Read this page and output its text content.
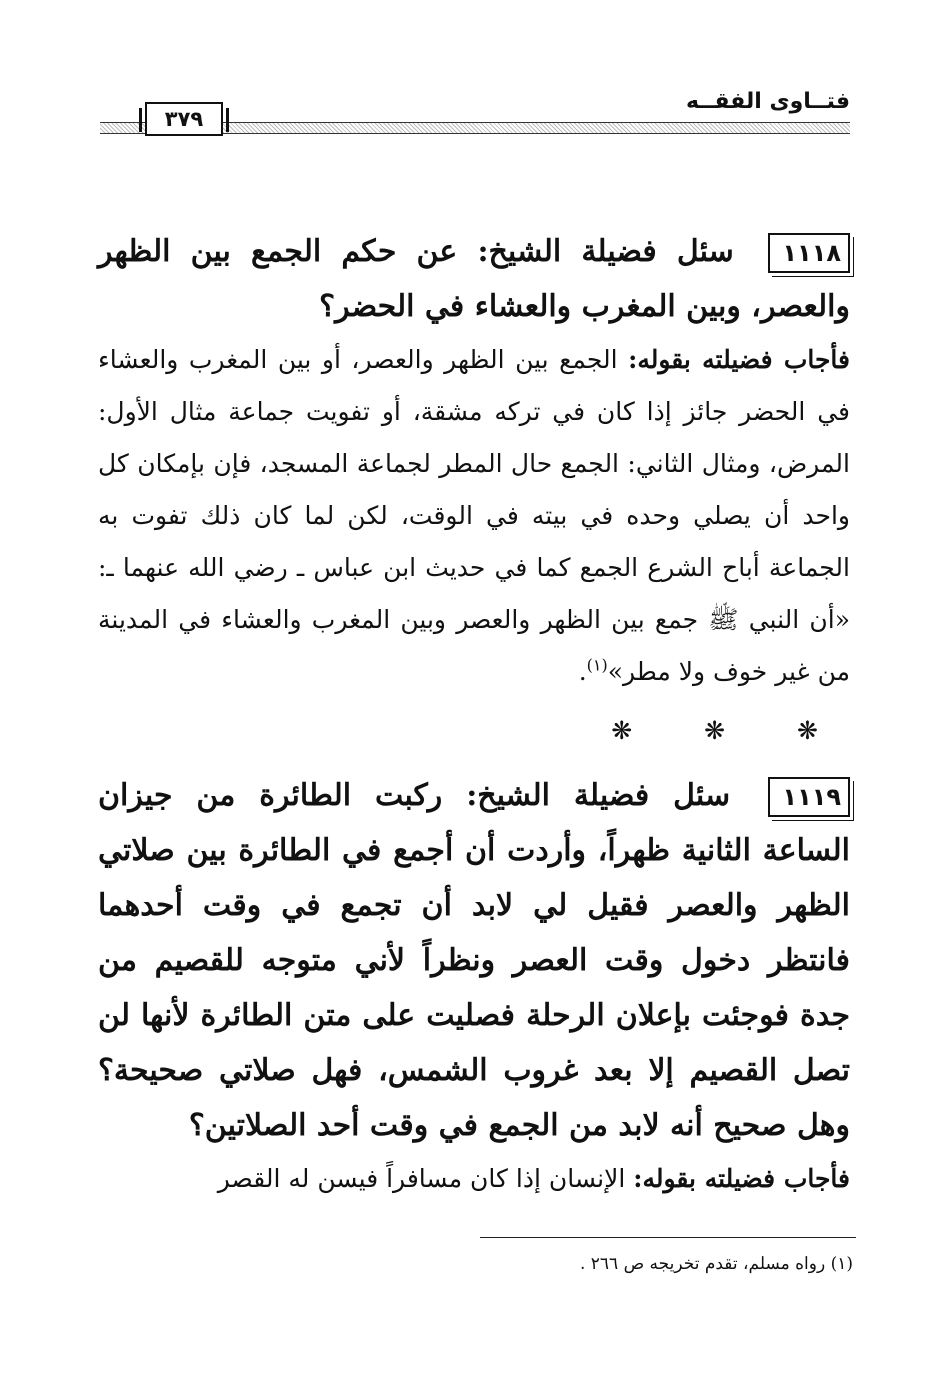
فتــاوى الفقــه
٣٧٩

١١١٨ سئل فضيلة الشيخ: عن حكم الجمع بين الظهر والعصر، وبين المغرب والعشاء في الحضر؟

فأجاب فضيلته بقوله: الجمع بين الظهر والعصر، أو بين المغرب والعشاء في الحضر جائز إذا كان في تركه مشقة، أو تفويت جماعة مثال الأول: المرض، ومثال الثاني: الجمع حال المطر لجماعة المسجد، فإن بإمكان كل واحد أن يصلي وحده في بيته في الوقت، لكن لما كان ذلك تفوت به الجماعة أباح الشرع الجمع كما في حديث ابن عباس ـ رضي الله عنهما ـ: «أن النبي ﷺ جمع بين الظهر والعصر وبين المغرب والعشاء في المدينة من غير خوف ولا مطر»$^{(١)}$.

❋ ❋ ❋

١١١٩ سئل فضيلة الشيخ: ركبت الطائرة من جيزان الساعة الثانية ظهراً، وأردت أن أجمع في الطائرة بين صلاتي الظهر والعصر فقيل لي لابد أن تجمع في وقت أحدهما فانتظر دخول وقت العصر ونظراً لأني متوجه للقصيم من جدة فوجئت بإعلان الرحلة فصليت على متن الطائرة لأنها لن تصل القصيم إلا بعد غروب الشمس، فهل صلاتي صحيحة؟ وهل صحيح أنه لابد من الجمع في وقت أحد الصلاتين؟

فأجاب فضيلته بقوله: الإنسان إذا كان مسافراً فيسن له القصر

(١) رواه مسلم، تقدم تخريجه ص ٢٦٦ .
